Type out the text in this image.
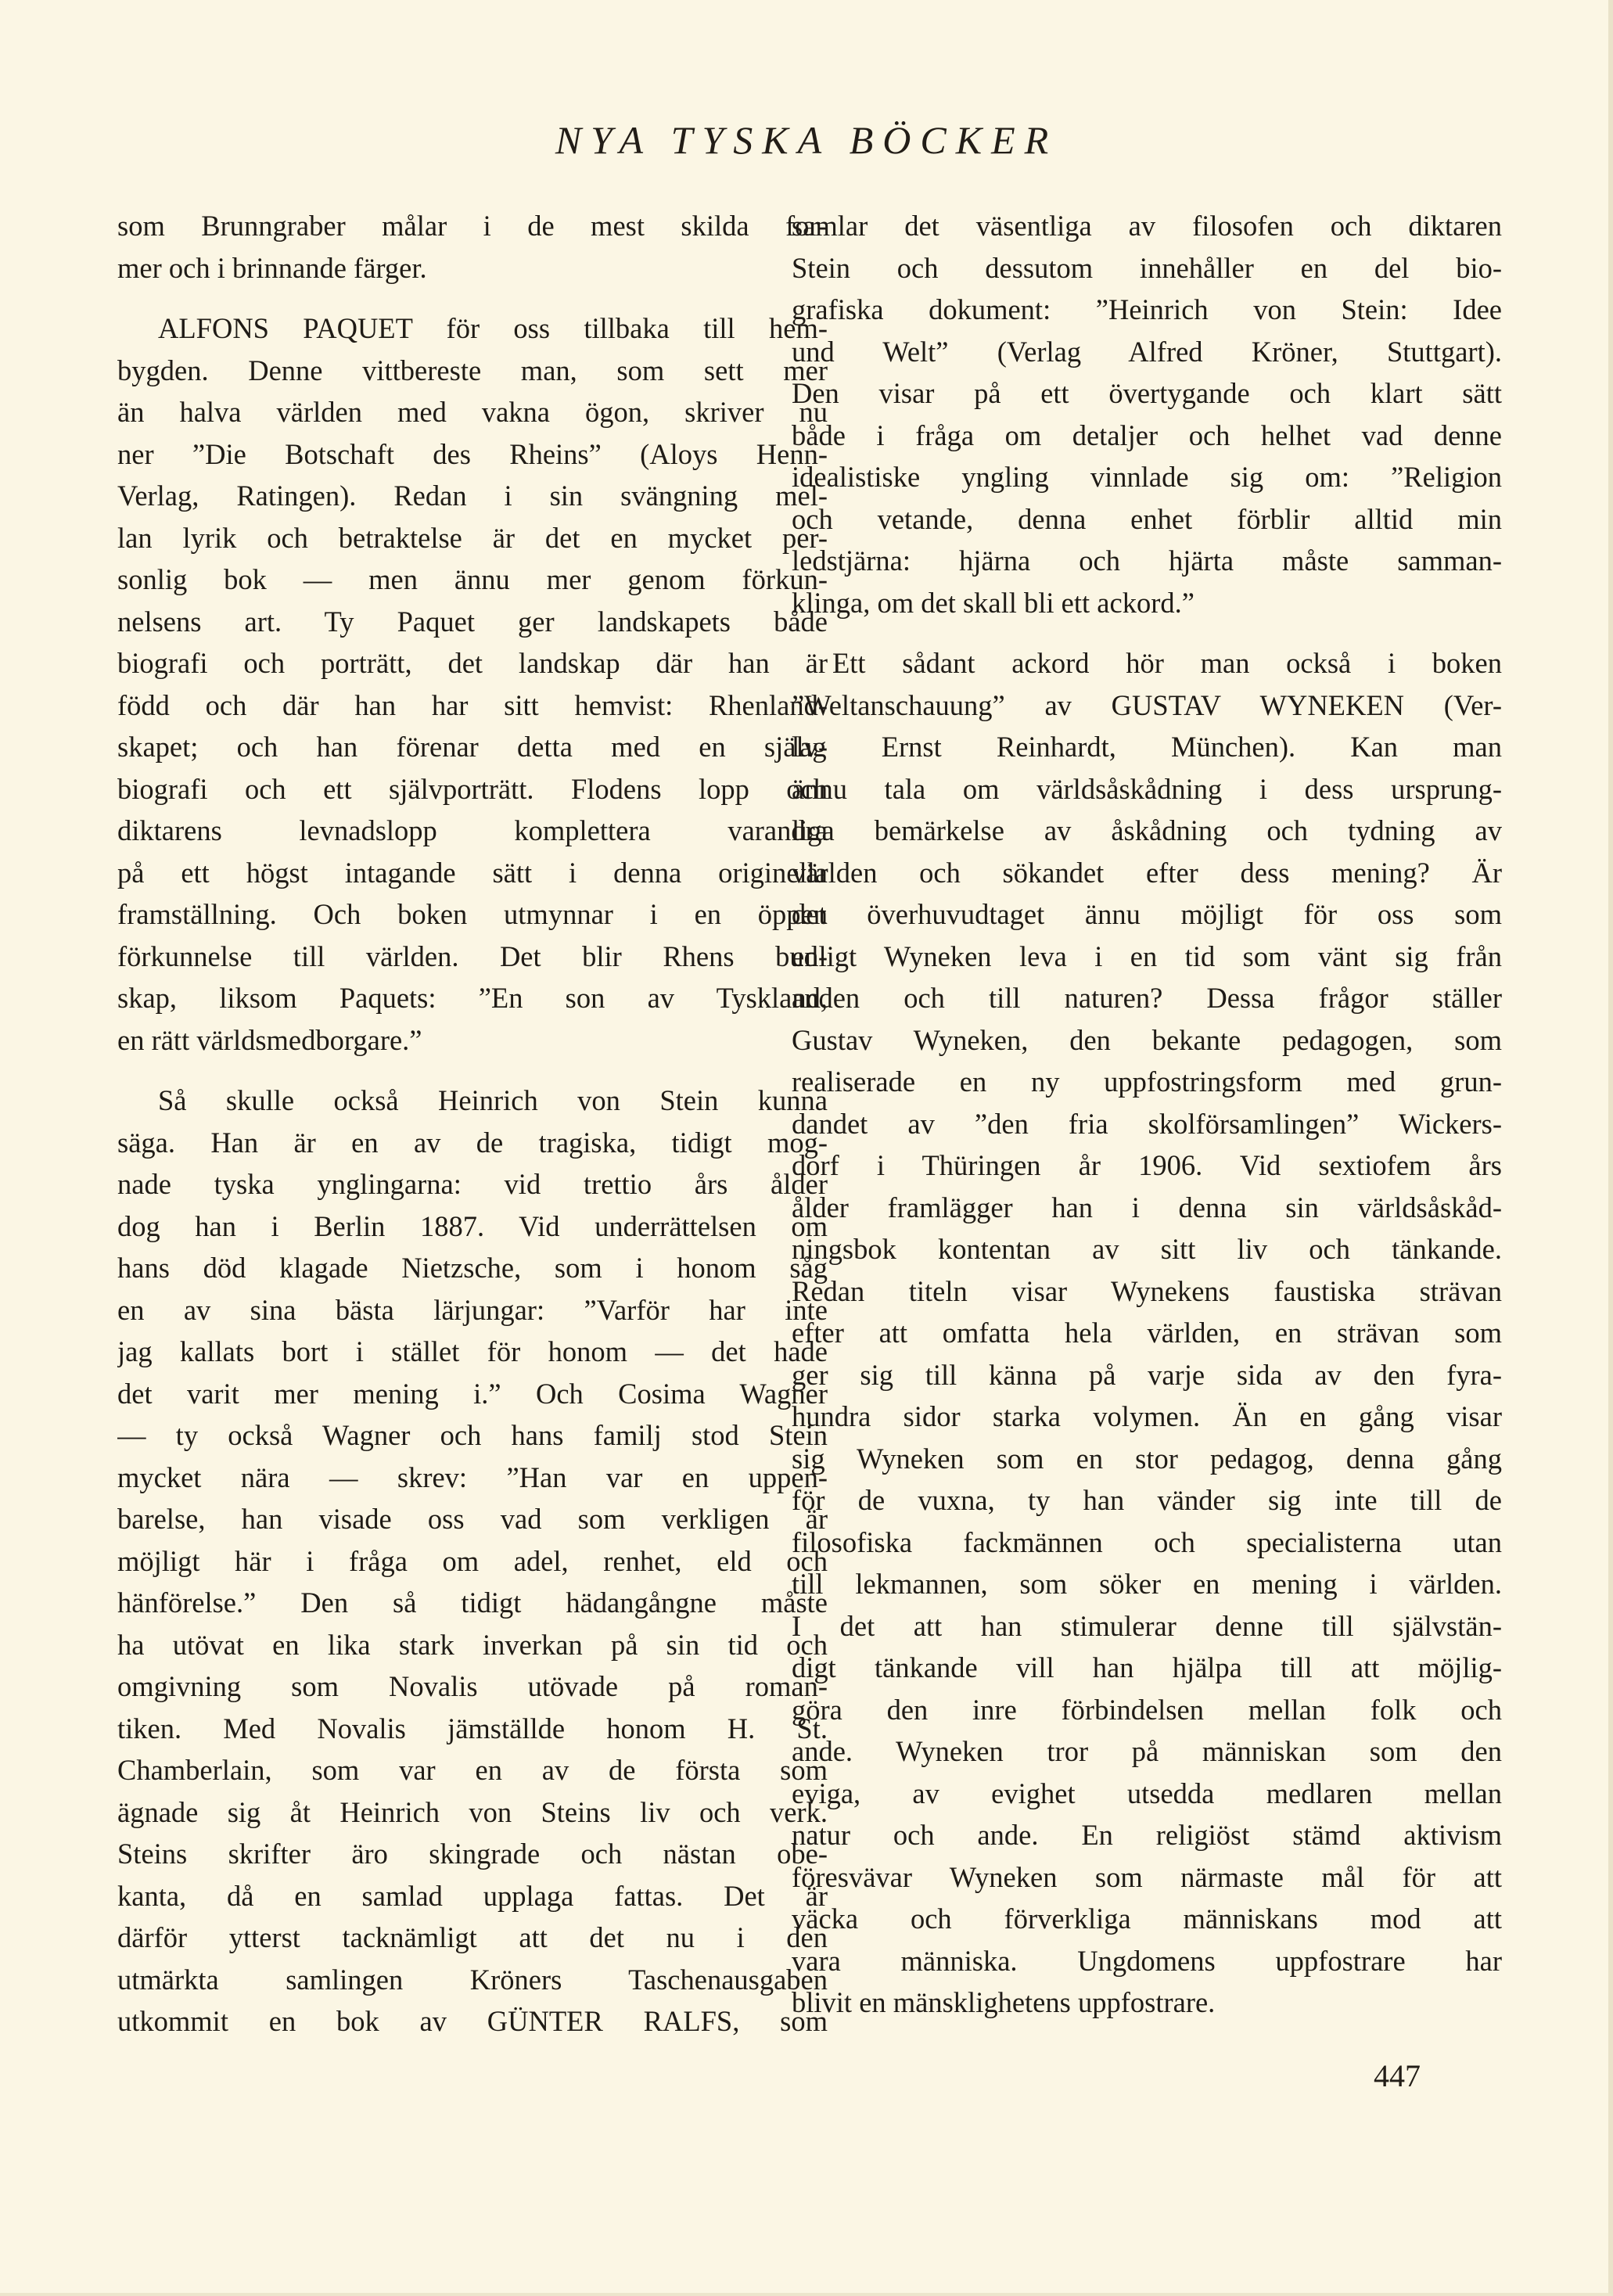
NYA TYSKA BÖCKER
som Brunngraber målar i de mest skilda for-
mer och i brinnande färger.
ALFONS PAQUET för oss tillbaka till hem-
bygden. Denne vittbereste man, som sett mer
än halva världen med vakna ögon, skriver nu
ner ”Die Botschaft des Rheins” (Aloys Henn-
Verlag, Ratingen). Redan i sin svängning mel-
lan lyrik och betraktelse är det en mycket per-
sonlig bok — men ännu mer genom förkun-
nelsens art. Ty Paquet ger landskapets både
biografi och porträtt, det landskap där han är
född och där han har sitt hemvist: Rhenland-
skapet; och han förenar detta med en själv-
biografi och ett självporträtt. Flodens lopp och
diktarens levnadslopp komplettera varandra
på ett högst intagande sätt i denna originella
framställning. Och boken utmynnar i en öppen
förkunnelse till världen. Det blir Rhens bud-
skap, liksom Paquets: ”En son av Tyskland,
en rätt världsmedborgare.”
Så skulle också Heinrich von Stein kunna
säga. Han är en av de tragiska, tidigt mog-
nade tyska ynglingarna: vid trettio års ålder
dog han i Berlin 1887. Vid underrättelsen om
hans död klagade Nietzsche, som i honom såg
en av sina bästa lärjungar: ”Varför har inte
jag kallats bort i stället för honom — det hade
det varit mer mening i.” Och Cosima Wagner
— ty också Wagner och hans familj stod Stein
mycket nära — skrev: ”Han var en uppen-
barelse, han visade oss vad som verkligen är
möjligt här i fråga om adel, renhet, eld och
hänförelse.” Den så tidigt hädangångne måste
ha utövat en lika stark inverkan på sin tid och
omgivning som Novalis utövade på roman-
tiken. Med Novalis jämställde honom H. St.
Chamberlain, som var en av de första som
ägnade sig åt Heinrich von Steins liv och verk.
Steins skrifter äro skingrade och nästan obe-
kanta, då en samlad upplaga fattas. Det är
därför ytterst tacknämligt att det nu i den
utmärkta samlingen Kröners Taschenausgaben
utkommit en bok av GÜNTER RALFS, som
samlar det väsentliga av filosofen och diktaren
Stein och dessutom innehåller en del bio-
grafiska dokument: ”Heinrich von Stein: Idee
und Welt” (Verlag Alfred Kröner, Stuttgart).
Den visar på ett övertygande och klart sätt
både i fråga om detaljer och helhet vad denne
idealistiske yngling vinnlade sig om: ”Religion
och vetande, denna enhet förblir alltid min
ledstjärna: hjärna och hjärta måste samman-
klinga, om det skall bli ett ackord.”
Ett sådant ackord hör man också i boken
”Weltanschauung” av GUSTAV WYNEKEN (Ver-
lag Ernst Reinhardt, München). Kan man
ännu tala om världsåskådning i dess ursprung-
liga bemärkelse av åskådning och tydning av
världen och sökandet efter dess mening? Är
det överhuvudtaget ännu möjligt för oss som
enligt Wyneken leva i en tid som vänt sig från
anden och till naturen? Dessa frågor ställer
Gustav Wyneken, den bekante pedagogen, som
realiserade en ny uppfostringsform med grun-
dandet av ”den fria skolförsamlingen” Wickers-
dorf i Thüringen år 1906. Vid sextiofem års
ålder framlägger han i denna sin världsåskåd-
ningsbok kontentan av sitt liv och tänkande.
Redan titeln visar Wynekens faustiska strävan
efter att omfatta hela världen, en strävan som
ger sig till känna på varje sida av den fyra-
hundra sidor starka volymen. Än en gång visar
sig Wyneken som en stor pedagog, denna gång
för de vuxna, ty han vänder sig inte till de
filosofiska fackmännen och specialisterna utan
till lekmannen, som söker en mening i världen.
I det att han stimulerar denne till självstän-
digt tänkande vill han hjälpa till att möjlig-
göra den inre förbindelsen mellan folk och
ande. Wyneken tror på människan som den
eviga, av evighet utsedda medlaren mellan
natur och ande. En religiöst stämd aktivism
föresvävar Wyneken som närmaste mål för att
väcka och förverkliga människans mod att
vara människa. Ungdomens uppfostrare har
blivit en mänsklighetens uppfostrare.
447
